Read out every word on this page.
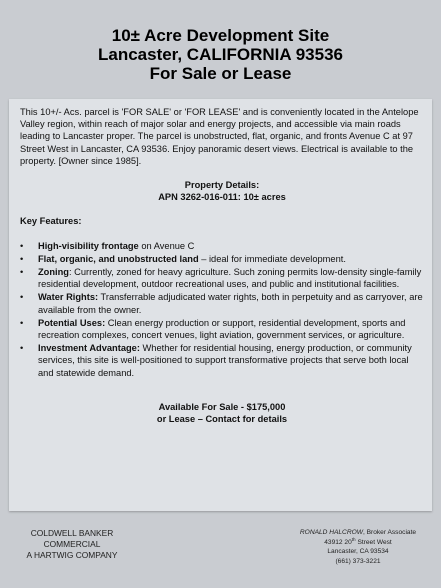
10± Acre Development Site
Lancaster, CALIFORNIA 93536
For Sale or Lease

This 10+/- Acs. parcel is 'FOR SALE' or 'FOR LEASE' and is conveniently located in the Antelope Valley region, within reach of major solar and energy projects, and accessible via main roads leading to Lancaster proper. The parcel is unobstructed, flat, organic, and fronts Avenue C at 97 Street West in Lancaster, CA 93536. Enjoy panoramic desert views. Electrical is available to the property. [Owner since 1985].

Property Details:
APN 3262-016-011: 10± acres
Key Features:
• High-visibility frontage on Avenue C
• Flat, organic, and unobstructed land – ideal for immediate development.
• Zoning: Currently, zoned for heavy agriculture. Such zoning permits low-density single-family residential development, outdoor recreational uses, and public and institutional facilities.
• Water Rights: Transferrable adjudicated water rights, both in perpetuity and as carryover, are available from the owner.
• Potential Uses: Clean energy production or support, residential development, sports and recreation complexes, concert venues, light aviation, government services, or agriculture.
• Investment Advantage: Whether for residential housing, energy production, or community services, this site is well-positioned to support transformative projects that serve both local and statewide demand.
Available For Sale - $175,000
or Lease – Contact for details
COLDWELL BANKER
COMMERCIAL
A HARTWIG COMPANY
RONALD HALCROW, Broker Associate
43912 20th Street West
Lancaster, CA 93534
(661) 373-3221
